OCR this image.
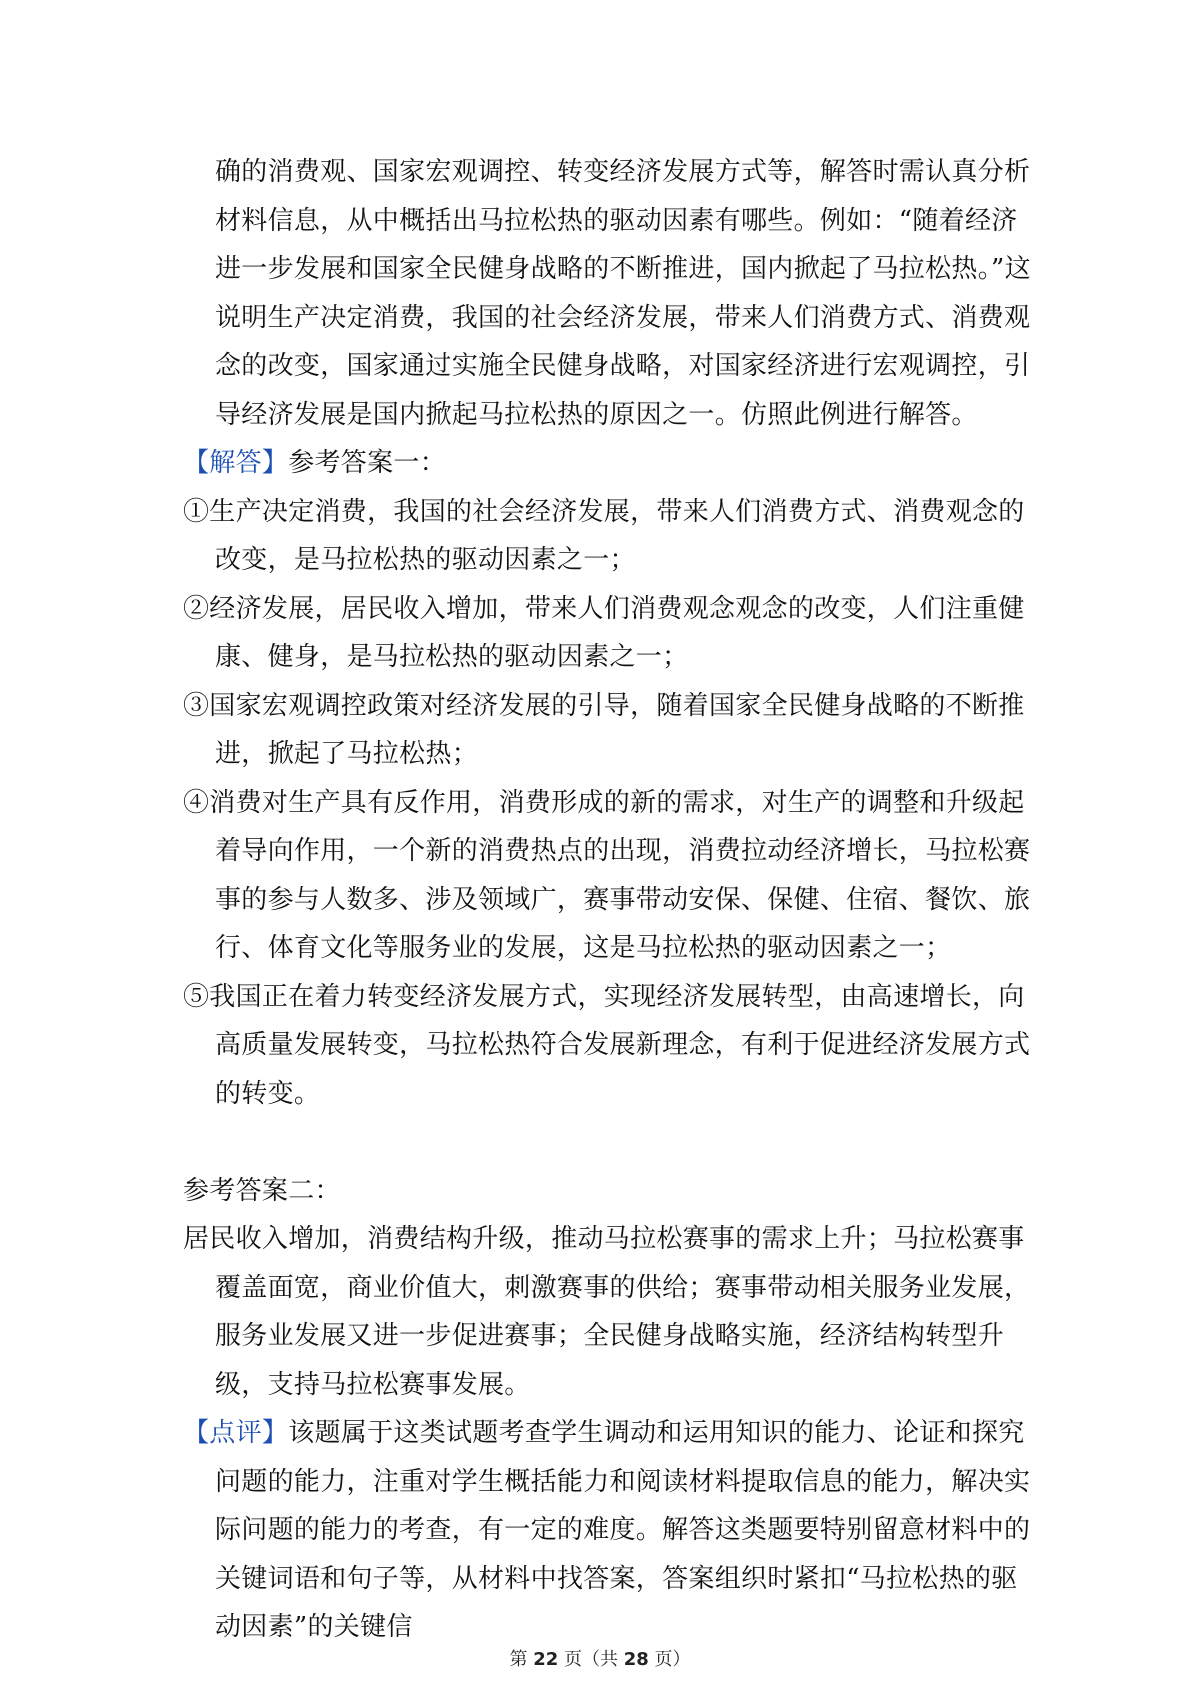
确的消费观、国家宏观调控、转变经济发展方式等，解答时需认真分析材料信息，从中概括出马拉松热的驱动因素有哪些。例如：“随着经济进一步发展和国家全民健身战略的不断推进，国内掀起了马拉松热。”这说明生产决定消费，我国的社会经济发展，带来人们消费方式、消费观念的改变，国家通过实施全民健身战略，对国家经济进行宏观调控，引导经济发展是国内掀起马拉松热的原因之一。仿照此例进行解答。

【解答】参考答案一：

①生产决定消费，我国的社会经济发展，带来人们消费方式、消费观念的改变，是马拉松热的驱动因素之一；

②经济发展，居民收入增加，带来人们消费观念观念的改变，人们注重健康、健身，是马拉松热的驱动因素之一；

③国家宏观调控政策对经济发展的引导，随着国家全民健身战略的不断推进，掀起了马拉松热；

④消费对生产具有反作用，消费形成的新的需求，对生产的调整和升级起着导向作用，一个新的消费热点的出现，消费拉动经济增长，马拉松赛事的参与人数多、涉及领域广，赛事带动安保、保健、住宿、餐饮、旅行、体育文化等服务业的发展，这是马拉松热的驱动因素之一；

⑤我国正在着力转变经济发展方式，实现经济发展转型，由高速增长，向高质量发展转变，马拉松热符合发展新理念，有利于促进经济发展方式的转变。

参考答案二：

居民收入增加，消费结构升级，推动马拉松赛事的需求上升；马拉松赛事覆盖面宽，商业价值大，刺激赛事的供给；赛事带动相关服务业发展，服务业发展又进一步促进赛事；全民健身战略实施，经济结构转型升级，支持马拉松赛事发展。

【点评】该题属于这类试题考查学生调动和运用知识的能力、论证和探究问题的能力，注重对学生概括能力和阅读材料提取信息的能力，解决实际问题的能力的考查，有一定的难度。解答这类题要特别留意材料中的关键词语和句子等，从材料中找答案，答案组织时紧扣“马拉松热的驱动因素”的关键信

第 22 页（共 28 页）
